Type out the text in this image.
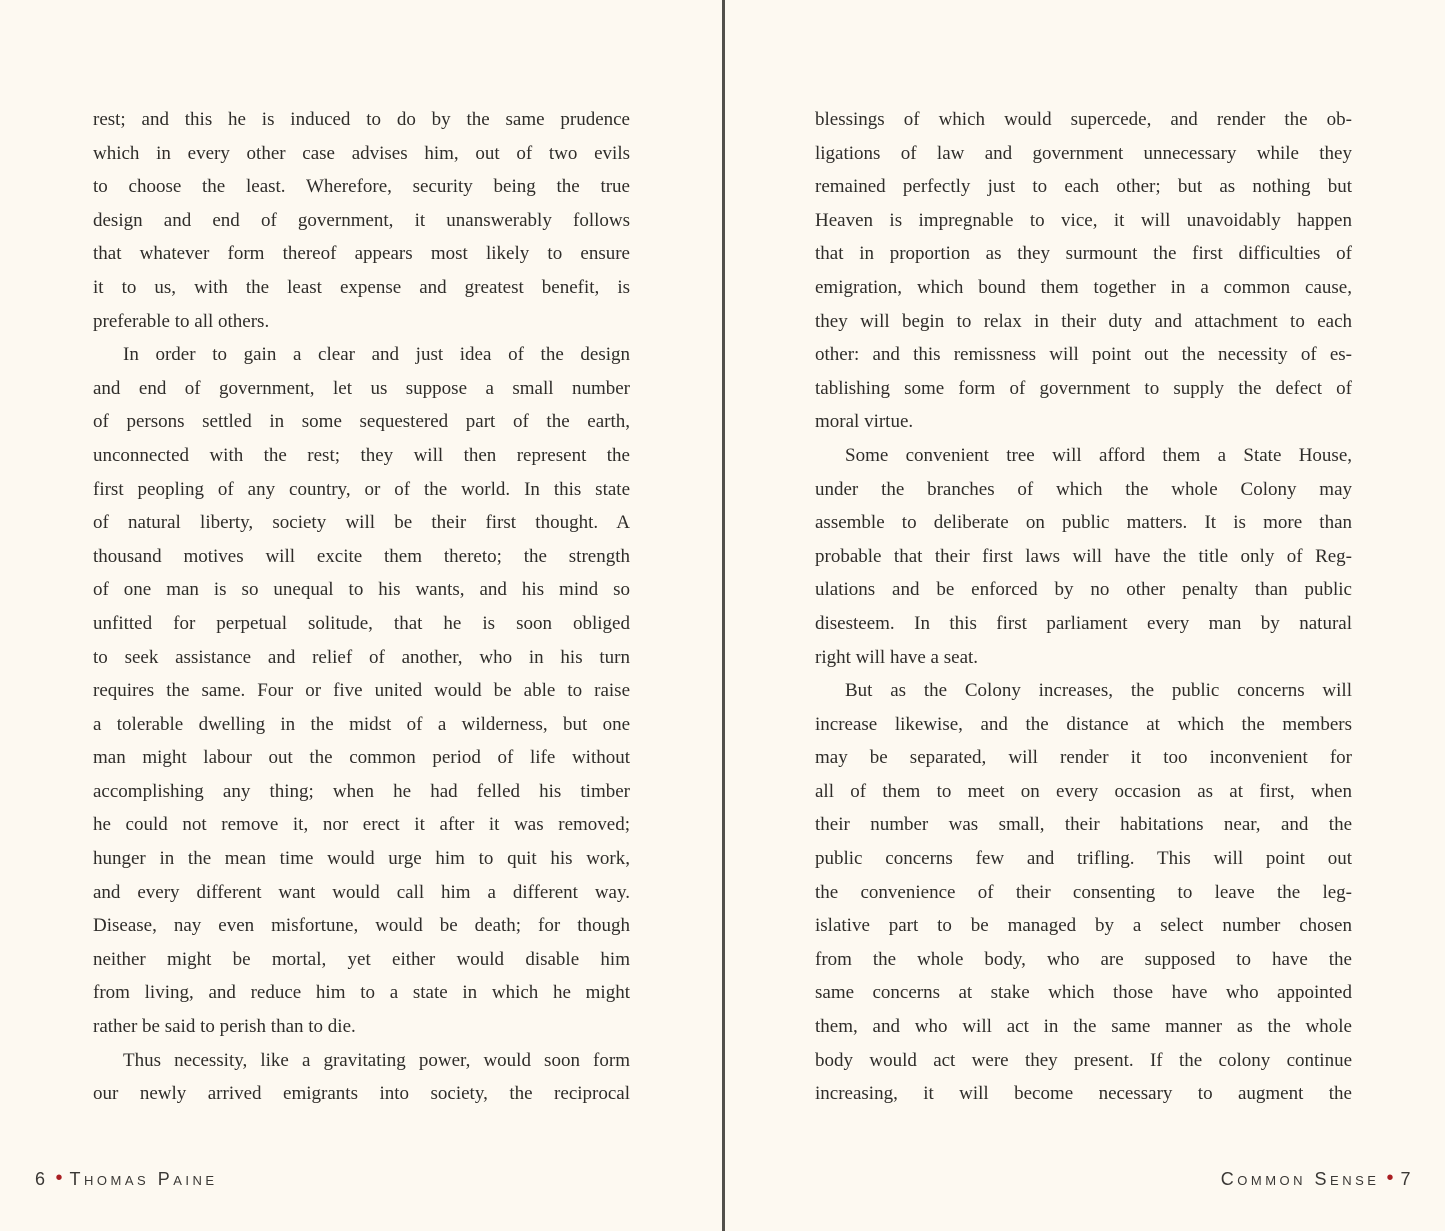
rest; and this he is induced to do by the same prudence
which in every other case advises him, out of two evils
to choose the least. Wherefore, security being the true
design and end of government, it unanswerably follows
that whatever form thereof appears most likely to ensure
it to us, with the least expense and greatest benefit, is
preferable to all others.
In order to gain a clear and just idea of the design
and end of government, let us suppose a small number
of persons settled in some sequestered part of the earth,
unconnected with the rest; they will then represent the
first peopling of any country, or of the world. In this state
of natural liberty, society will be their first thought. A
thousand motives will excite them thereto; the strength
of one man is so unequal to his wants, and his mind so
unfitted for perpetual solitude, that he is soon obliged
to seek assistance and relief of another, who in his turn
requires the same. Four or five united would be able to raise
a tolerable dwelling in the midst of a wilderness, but one
man might labour out the common period of life without
accomplishing any thing; when he had felled his timber
he could not remove it, nor erect it after it was removed;
hunger in the mean time would urge him to quit his work,
and every different want would call him a different way.
Disease, nay even misfortune, would be death; for though
neither might be mortal, yet either would disable him
from living, and reduce him to a state in which he might
rather be said to perish than to die.
Thus necessity, like a gravitating power, would soon form
our newly arrived emigrants into society, the reciprocal
6 • Thomas Paine
blessings of which would supercede, and render the ob-
ligations of law and government unnecessary while they
remained perfectly just to each other; but as nothing but
Heaven is impregnable to vice, it will unavoidably happen
that in proportion as they surmount the first difficulties of
emigration, which bound them together in a common cause,
they will begin to relax in their duty and attachment to each
other: and this remissness will point out the necessity of es-
tablishing some form of government to supply the defect of
moral virtue.
Some convenient tree will afford them a State House,
under the branches of which the whole Colony may
assemble to deliberate on public matters. It is more than
probable that their first laws will have the title only of Reg-
ulations and be enforced by no other penalty than public
disesteem. In this first parliament every man by natural
right will have a seat.
But as the Colony increases, the public concerns will
increase likewise, and the distance at which the members
may be separated, will render it too inconvenient for
all of them to meet on every occasion as at first, when
their number was small, their habitations near, and the
public concerns few and trifling. This will point out
the convenience of their consenting to leave the leg-
islative part to be managed by a select number chosen
from the whole body, who are supposed to have the
same concerns at stake which those have who appointed
them, and who will act in the same manner as the whole
body would act were they present. If the colony continue
increasing, it will become necessary to augment the
Common Sense • 7
